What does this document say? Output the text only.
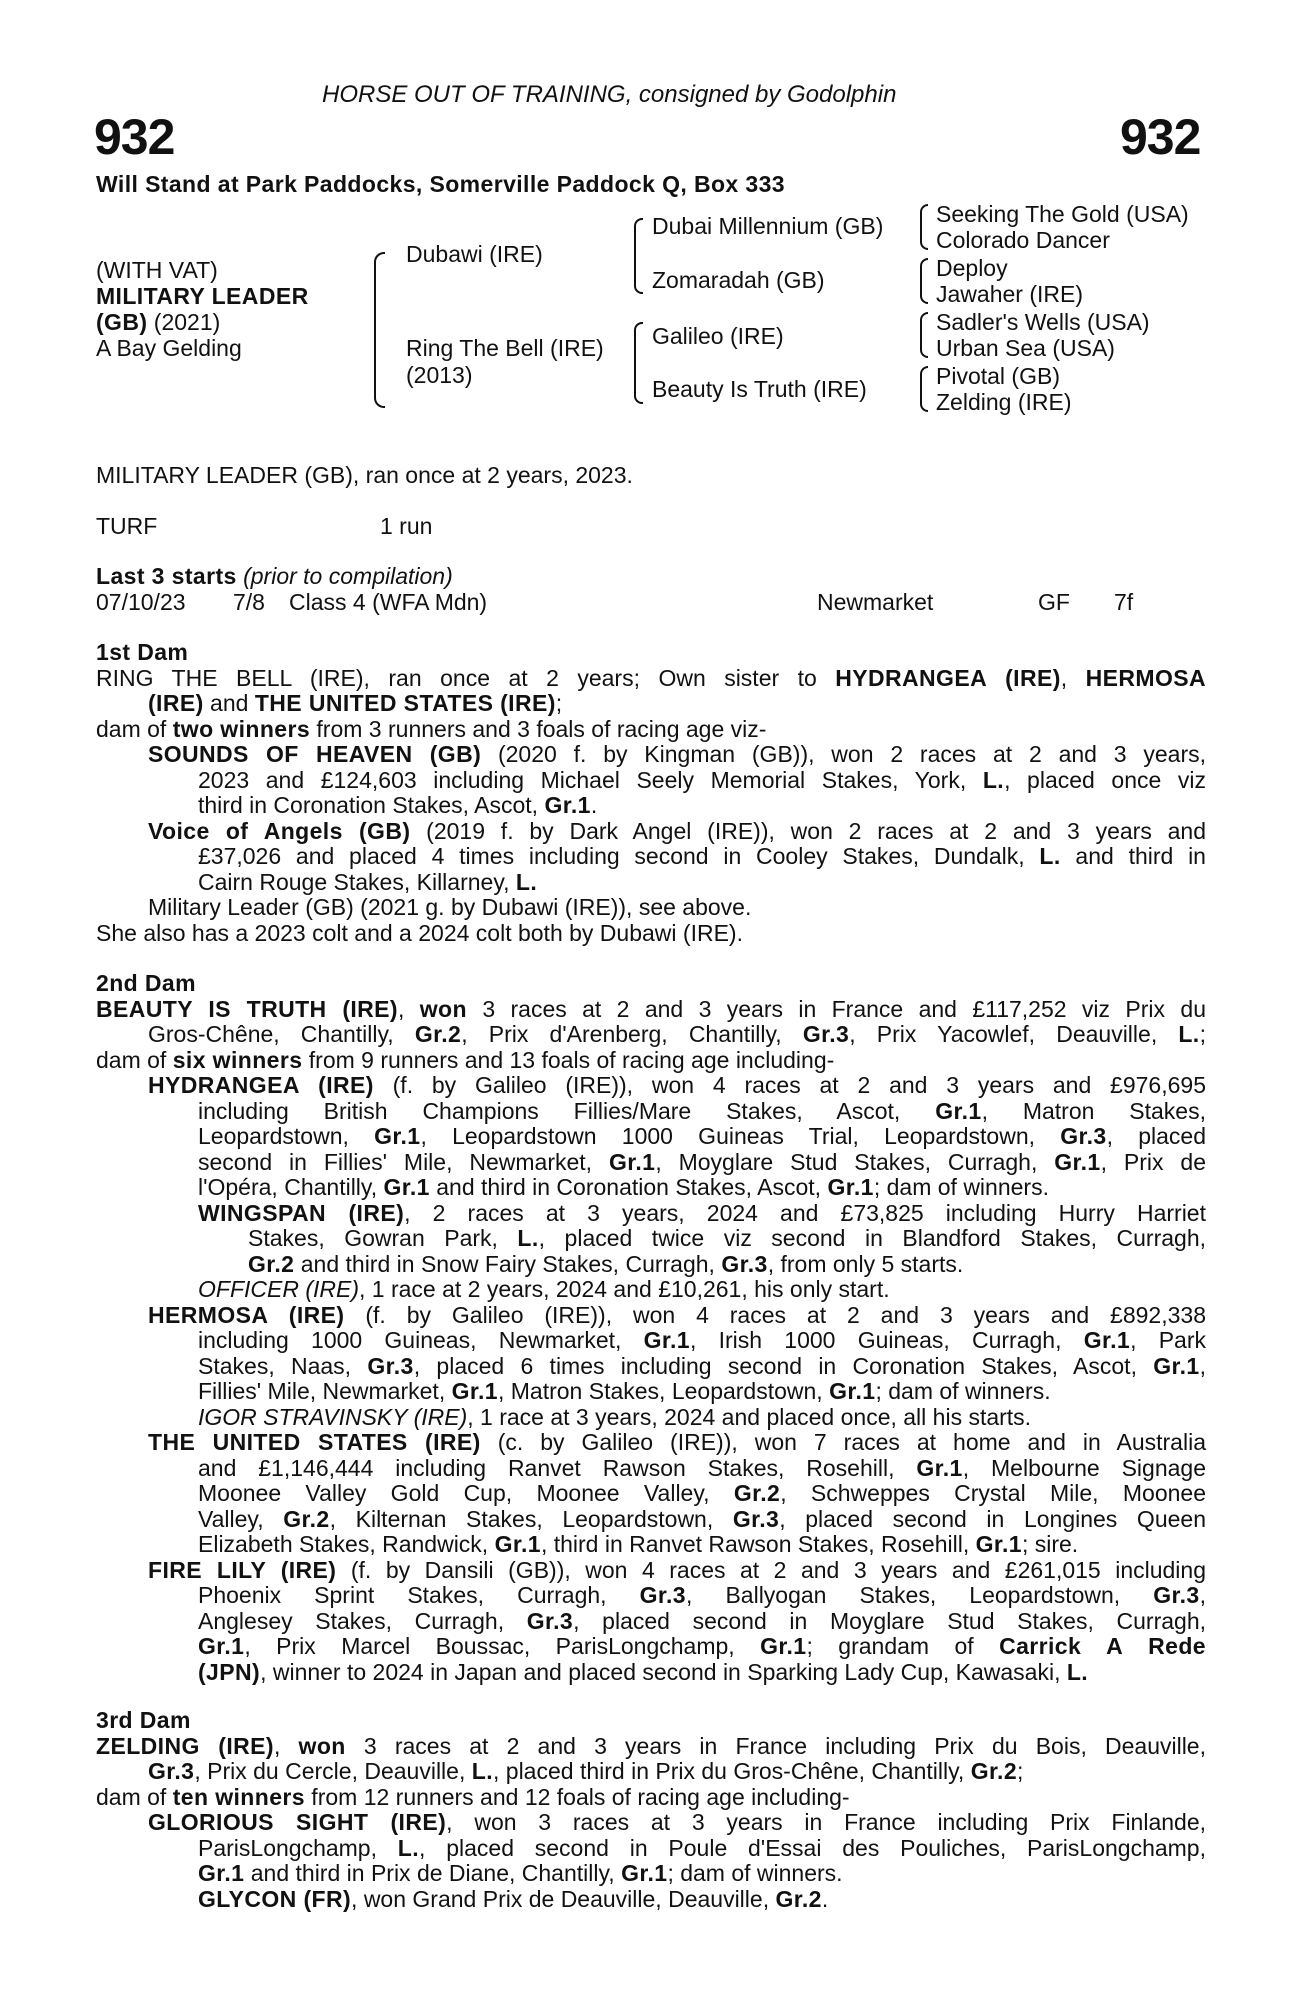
HORSE OUT OF TRAINING, consigned by Godolphin
932	932
Will Stand at Park Paddocks, Somerville Paddock Q, Box 333
(WITH VAT)
MILITARY LEADER
(GB) (2021)
A Bay Gelding
Dubawi (IRE)
Ring The Bell (IRE)
(2013)
Dubai Millennium (GB)
Zomaradah (GB)
Galileo (IRE)
Beauty Is Truth (IRE)
Seeking The Gold (USA)
Colorado Dancer
Deploy
Jawaher (IRE)
Sadler's Wells (USA)
Urban Sea (USA)
Pivotal (GB)
Zelding (IRE)
MILITARY LEADER (GB), ran once at 2 years, 2023.
TURF	1 run
Last 3 starts (prior to compilation)
07/10/23 7/8 Class 4 (WFA Mdn)	Newmarket	GF 7f
1st Dam
RING THE BELL (IRE), ran once at 2 years; Own sister to HYDRANGEA (IRE), HERMOSA
(IRE) and THE UNITED STATES (IRE);
dam of two winners from 3 runners and 3 foals of racing age viz-
SOUNDS OF HEAVEN (GB) (2020 f. by Kingman (GB)), won 2 races at 2 and 3 years,
2023 and £124,603 including Michael Seely Memorial Stakes, York, L., placed once viz
third in Coronation Stakes, Ascot, Gr.1.
Voice of Angels (GB) (2019 f. by Dark Angel (IRE)), won 2 races at 2 and 3 years and
£37,026 and placed 4 times including second in Cooley Stakes, Dundalk, L. and third in
Cairn Rouge Stakes, Killarney, L.
Military Leader (GB) (2021 g. by Dubawi (IRE)), see above.
She also has a 2023 colt and a 2024 colt both by Dubawi (IRE).
2nd Dam
BEAUTY IS TRUTH (IRE), won 3 races at 2 and 3 years in France and £117,252 viz Prix du
Gros-Chêne, Chantilly, Gr.2, Prix d'Arenberg, Chantilly, Gr.3, Prix Yacowlef, Deauville, L.;
dam of six winners from 9 runners and 13 foals of racing age including-
HYDRANGEA (IRE) (f. by Galileo (IRE)), won 4 races at 2 and 3 years and £976,695
including British Champions Fillies/Mare Stakes, Ascot, Gr.1, Matron Stakes,
Leopardstown, Gr.1, Leopardstown 1000 Guineas Trial, Leopardstown, Gr.3, placed
second in Fillies' Mile, Newmarket, Gr.1, Moyglare Stud Stakes, Curragh, Gr.1, Prix de
l'Opéra, Chantilly, Gr.1 and third in Coronation Stakes, Ascot, Gr.1; dam of winners.
WINGSPAN (IRE), 2 races at 3 years, 2024 and £73,825 including Hurry Harriet
Stakes, Gowran Park, L., placed twice viz second in Blandford Stakes, Curragh,
Gr.2 and third in Snow Fairy Stakes, Curragh, Gr.3, from only 5 starts.
OFFICER (IRE), 1 race at 2 years, 2024 and £10,261, his only start.
HERMOSA (IRE) (f. by Galileo (IRE)), won 4 races at 2 and 3 years and £892,338
including 1000 Guineas, Newmarket, Gr.1, Irish 1000 Guineas, Curragh, Gr.1, Park
Stakes, Naas, Gr.3, placed 6 times including second in Coronation Stakes, Ascot, Gr.1,
Fillies' Mile, Newmarket, Gr.1, Matron Stakes, Leopardstown, Gr.1; dam of winners.
IGOR STRAVINSKY (IRE), 1 race at 3 years, 2024 and placed once, all his starts.
THE UNITED STATES (IRE) (c. by Galileo (IRE)), won 7 races at home and in Australia
and £1,146,444 including Ranvet Rawson Stakes, Rosehill, Gr.1, Melbourne Signage
Moonee Valley Gold Cup, Moonee Valley, Gr.2, Schweppes Crystal Mile, Moonee
Valley, Gr.2, Kilternan Stakes, Leopardstown, Gr.3, placed second in Longines Queen
Elizabeth Stakes, Randwick, Gr.1, third in Ranvet Rawson Stakes, Rosehill, Gr.1; sire.
FIRE LILY (IRE) (f. by Dansili (GB)), won 4 races at 2 and 3 years and £261,015 including
Phoenix Sprint Stakes, Curragh, Gr.3, Ballyogan Stakes, Leopardstown, Gr.3,
Anglesey Stakes, Curragh, Gr.3, placed second in Moyglare Stud Stakes, Curragh,
Gr.1, Prix Marcel Boussac, ParisLongchamp, Gr.1; grandam of Carrick A Rede
(JPN), winner to 2024 in Japan and placed second in Sparking Lady Cup, Kawasaki, L.
3rd Dam
ZELDING (IRE), won 3 races at 2 and 3 years in France including Prix du Bois, Deauville,
Gr.3, Prix du Cercle, Deauville, L., placed third in Prix du Gros-Chêne, Chantilly, Gr.2;
dam of ten winners from 12 runners and 12 foals of racing age including-
GLORIOUS SIGHT (IRE), won 3 races at 3 years in France including Prix Finlande,
ParisLongchamp, L., placed second in Poule d'Essai des Pouliches, ParisLongchamp,
Gr.1 and third in Prix de Diane, Chantilly, Gr.1; dam of winners.
GLYCON (FR), won Grand Prix de Deauville, Deauville, Gr.2.
